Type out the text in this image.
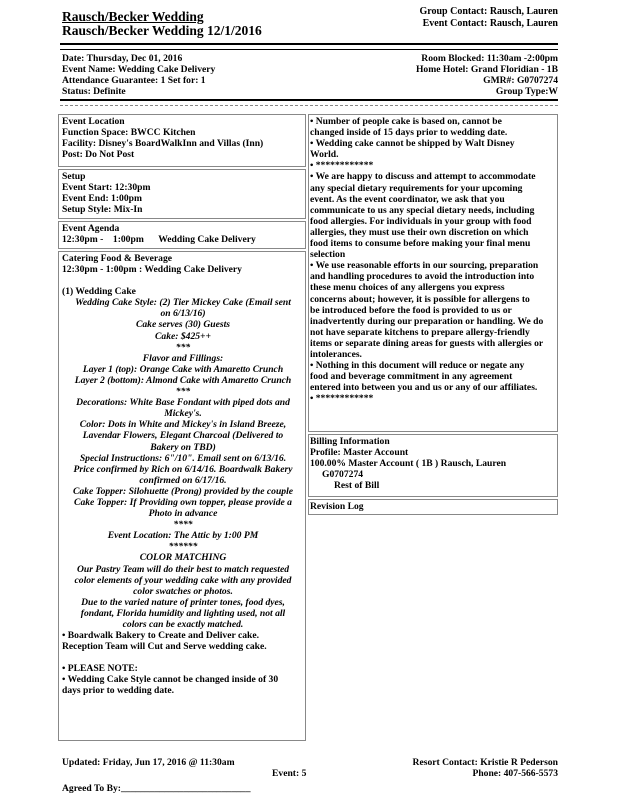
Rausch/Becker Wedding
Rausch/Becker Wedding 12/1/2016
Group Contact: Rausch, Lauren
Event Contact: Rausch, Lauren
Date: Thursday, Dec 01, 2016
Event Name: Wedding Cake Delivery
Attendance Guarantee: 1 Set for: 1
Status: Definite
Room Blocked: 11:30am -2:00pm
Home Hotel: Grand Floridian - 1B
GMR#: G0707274
Group Type:W
Event Location
Function Space: BWCC Kitchen
Facility: Disney's BoardWalkInn and Villas (Inn)
Post: Do Not Post
Setup
Event Start: 12:30pm
Event End: 1:00pm
Setup Style: Mix-In
Event Agenda
12:30pm -    1:00pm Wedding Cake Delivery
Catering Food & Beverage
12:30pm - 1:00pm : Wedding Cake Delivery
(1) Wedding Cake
Wedding Cake Style: (2) Tier Mickey Cake (Email sent
on 6/13/16)
Cake serves (30) Guests
Cake: $425++
***
Flavor and Fillings:
Layer 1 (top): Orange Cake with Amaretto Crunch
Layer 2 (bottom): Almond Cake with Amaretto Crunch
***
Decorations: White Base Fondant with piped dots and
Mickey's.
Color: Dots in White and Mickey's in Island Breeze,
Lavendar Flowers, Elegant Charcoal (Delivered to
Bakery on TBD)
Special Instructions: 6"/10". Email sent on 6/13/16.
Price confirmed by Rich on 6/14/16. Boardwalk Bakery
confirmed on 6/17/16.
Cake Topper: Silohuette (Prong) provided by the couple
Cake Topper: If Providing own topper, please provide a
Photo in advance
****
Event Location: The Attic by 1:00 PM
******
COLOR MATCHING
Our Pastry Team will do their best to match requested
color elements of your wedding cake with any provided
color swatches or photos.
Due to the varied nature of printer tones, food dyes,
fondant, Florida humidity and lighting used, not all
colors can be exactly matched.
• Boardwalk Bakery to Create and Deliver cake.
Reception Team will Cut and Serve wedding cake.
• PLEASE NOTE:
• Wedding Cake Style cannot be changed inside of 30
days prior to wedding date.
• Number of people cake is based on, cannot be
changed inside of 15 days prior to wedding date.
• Wedding cake cannot be shipped by Walt Disney
World.
• ************
• We are happy to discuss and attempt to accommodate
any special dietary requirements for your upcoming
event. As the event coordinator, we ask that you
communicate to us any special dietary needs, including
food allergies. For individuals in your group with food
allergies, they must use their own discretion on which
food items to consume before making your final menu
selection
• We use reasonable efforts in our sourcing, preparation
and handling procedures to avoid the introduction into
these menu choices of any allergens you express
concerns about; however, it is possible for allergens to
be introduced before the food is provided to us or
inadvertently during our preparation or handling. We do
not have separate kitchens to prepare allergy-friendly
items or separate dining areas for guests with allergies or
intolerances.
• Nothing in this document will reduce or negate any
food and beverage commitment in any agreement
entered into between you and us or any of our affiliates.
• ************
Billing Information
Profile: Master Account
100.00% Master Account ( 1B ) Rausch, Lauren
G0707274
Rest of Bill
Revision Log
Updated: Friday, Jun 17, 2016 @ 11:30am
Event: 5
Agreed To By:___________________________
Resort Contact: Kristie R Pederson
Phone: 407-566-5573
